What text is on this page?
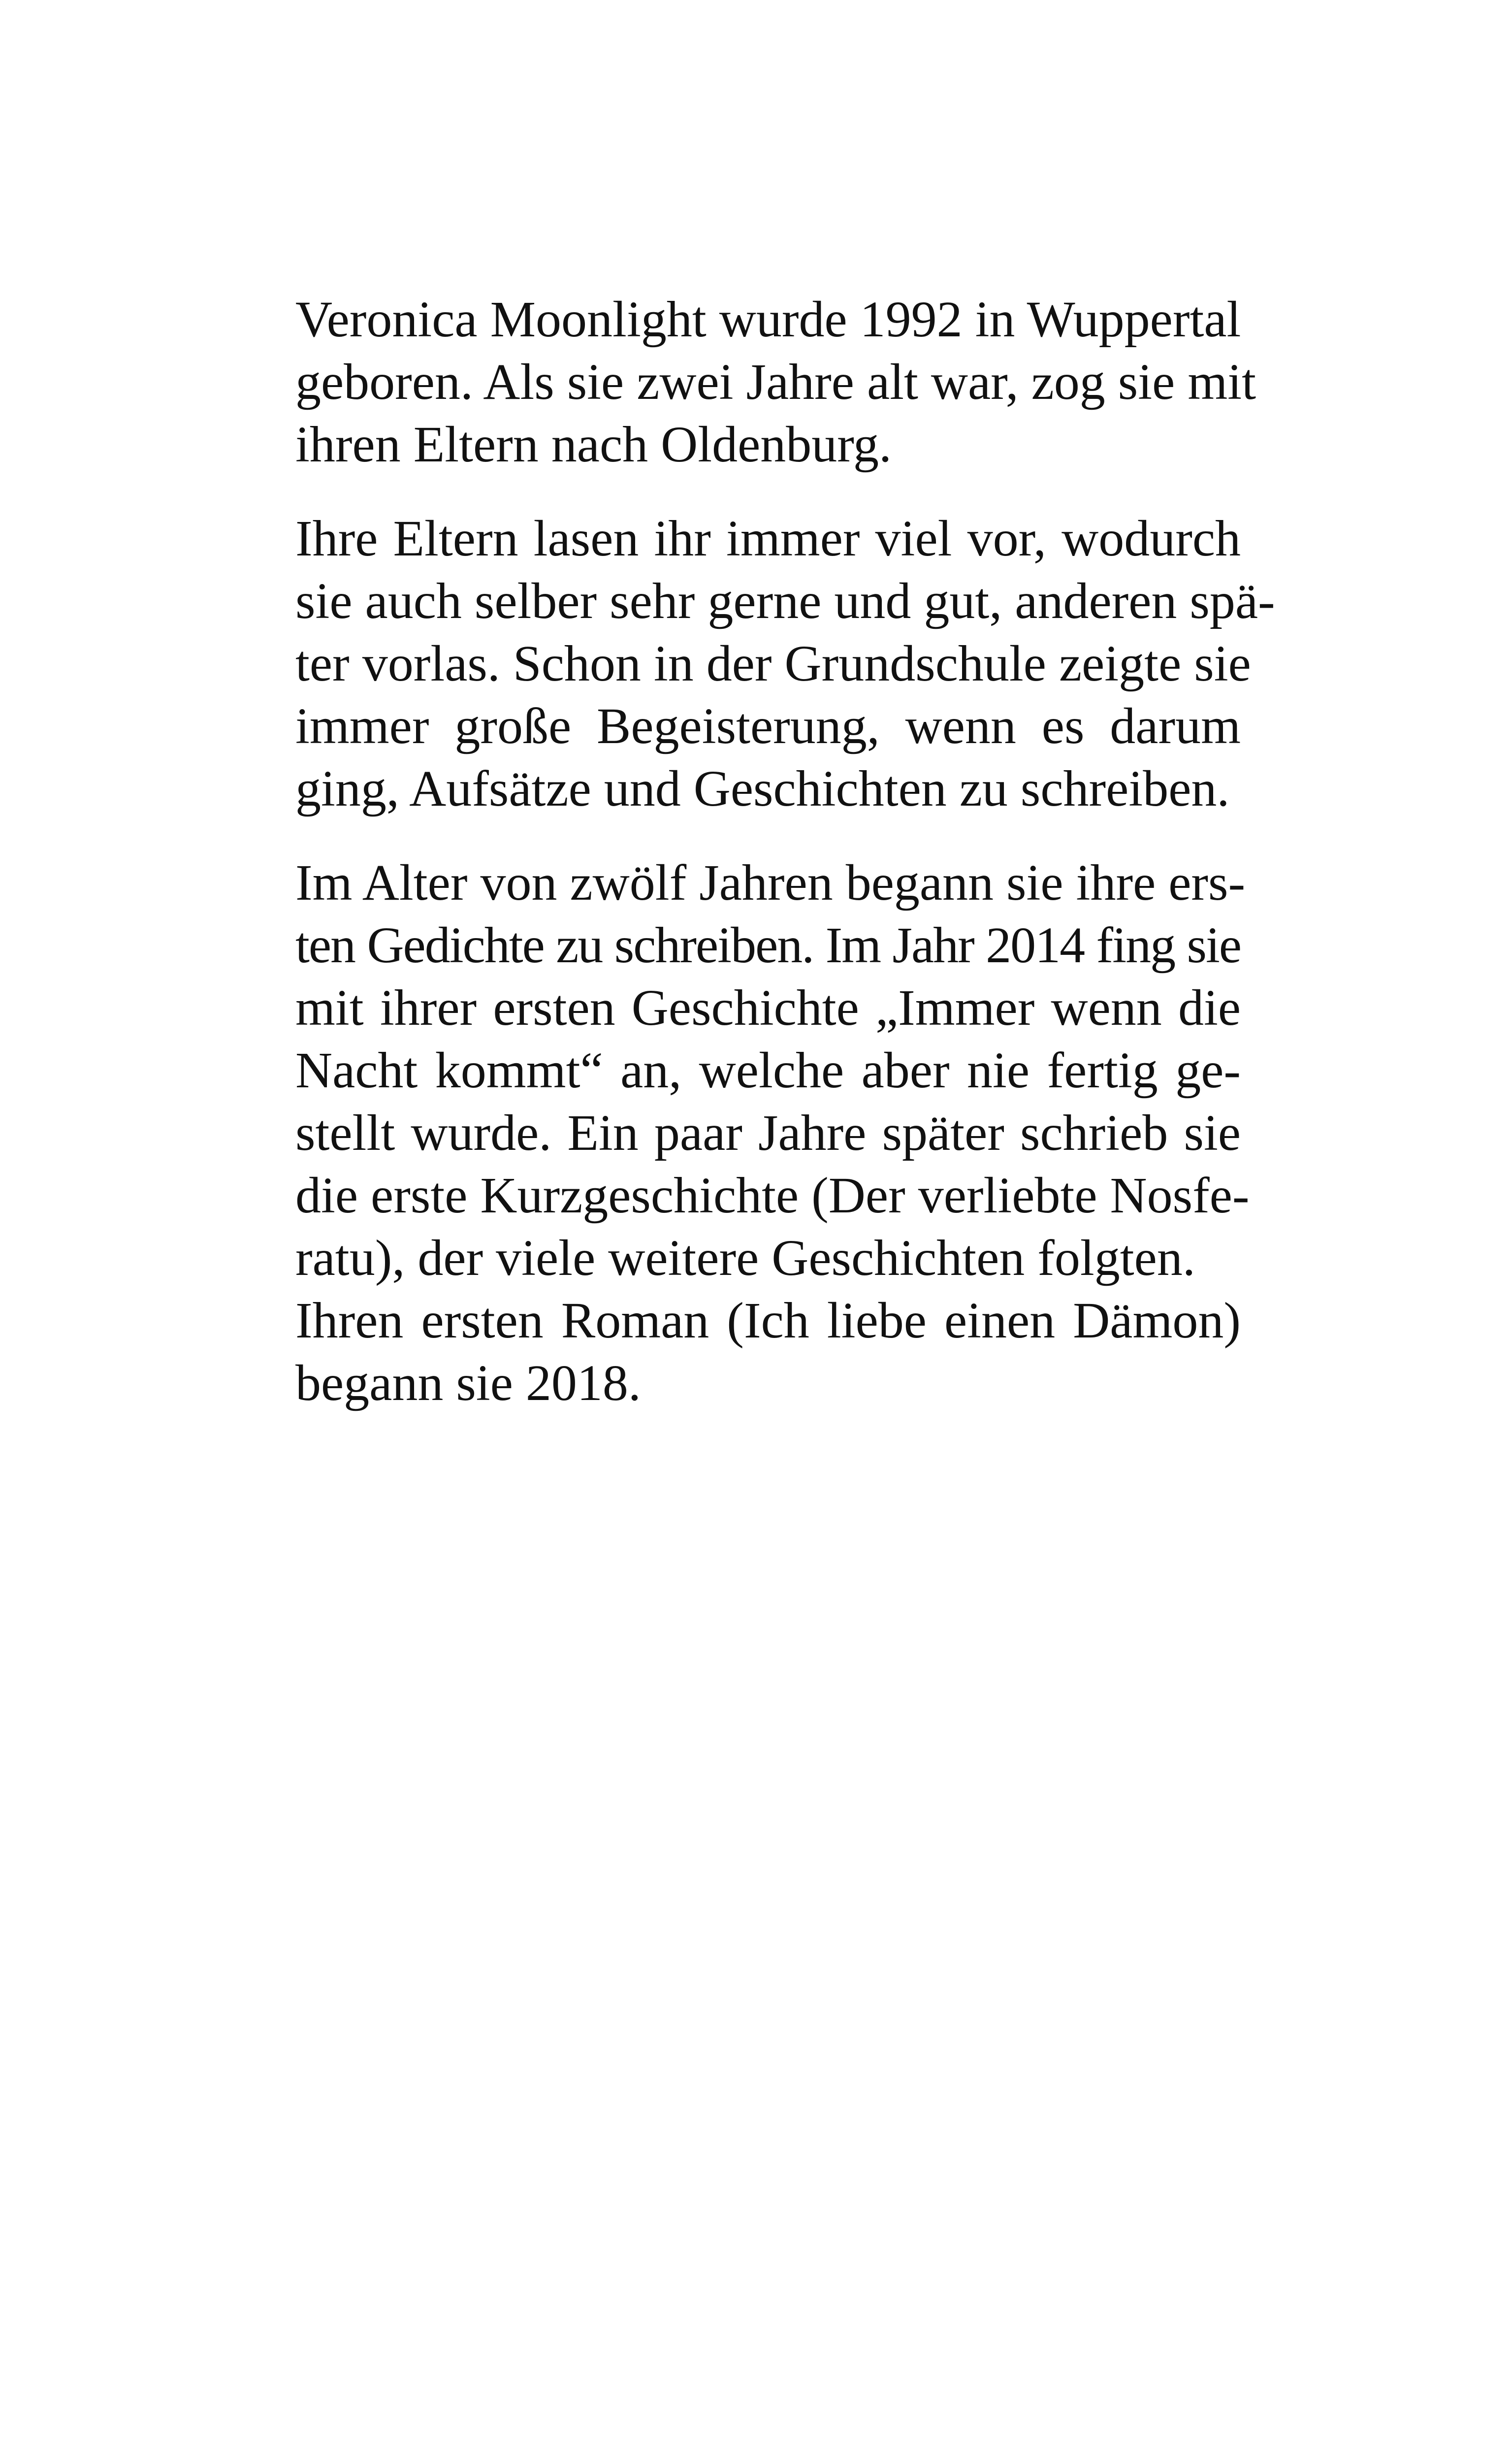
Veronica Moonlight wurde 1992 in Wuppertal
geboren. Als sie zwei Jahre alt war, zog sie mit
ihren Eltern nach Oldenburg.

Ihre Eltern lasen ihr immer viel vor, wodurch
sie auch selber sehr gerne und gut, anderen spä-
ter vorlas. Schon in der Grundschule zeigte sie
immer große Begeisterung, wenn es darum
ging, Aufsätze und Geschichten zu schreiben.

Im Alter von zwölf Jahren begann sie ihre ers-
ten Gedichte zu schreiben. Im Jahr 2014 fing sie
mit ihrer ersten Geschichte „Immer wenn die
Nacht kommt“ an, welche aber nie fertig ge-
stellt wurde. Ein paar Jahre später schrieb sie
die erste Kurzgeschichte (Der verliebte Nosfe-
ratu), der viele weitere Geschichten folgten.

Ihren ersten Roman (Ich liebe einen Dämon)
begann sie 2018.
